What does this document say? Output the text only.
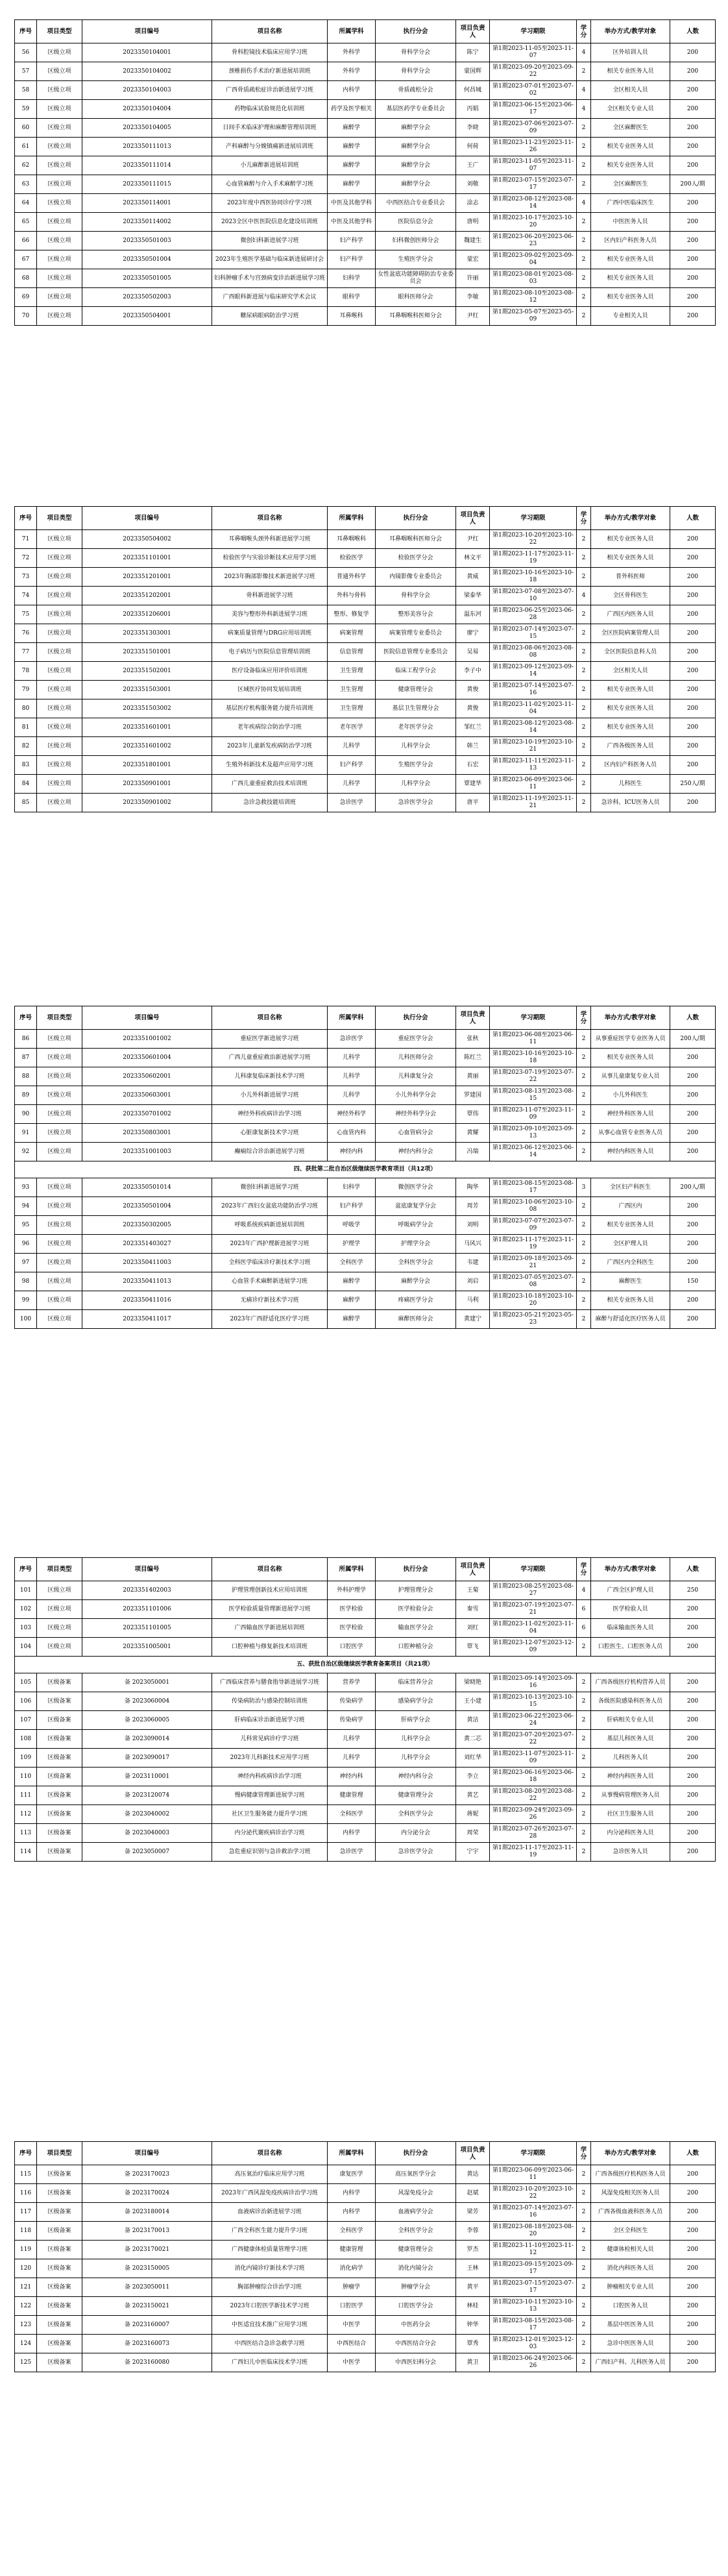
序号	项目类型	项目编号	项目名称	所属学科	执行分会	项目负责人	学习期限	学分	举办方式/教学对象	人数
56	区级立项	2023350104001	骨科腔镜技术临床应用学习班	外科学	骨科学分会	陈宁	第1期2023-11-05至2023-11-07	4	区外培训人员	200
57	区级立项	2023350104002	颈椎损伤手术治疗新进展培训班	外科学	骨科学分会	蒙国辉	第1期2023-09-20至2023-09-22	2	相关专业医务人员	200
58	区级立项	2023350104003	广西骨质疏松症诊治新进展学习班	内科学	骨质疏松分会	何昌城	第1期2023-07-01至2023-07-02	4	全区相关人员	200
59	区级立项	2023350104004	药物临床试验规范化培训班	药学及医学相关	基层医药学专业委员会	丙娟	第1期2023-06-15至2023-06-17	4	全区相关专业人员	200
60	区级立项	2023350104005	日间手术临床护理和麻醉管理培训班	麻醉学	麻醉学分会	李晓	第1期2023-07-06至2023-07-09	2	全区麻醉医生	200
61	区级立项	2023350111013	产科麻醉与分娩镇痛新进展培训班	麻醉学	麻醉学分会	何荷	第1期2023-11-23至2023-11-26	2	相关专业医务人员	200
62	区级立项	2023350111014	小儿麻醉新进展培训班	麻醉学	麻醉学分会	王广	第1期2023-11-05至2023-11-07	2	相关专业医务人员	200
63	区级立项	2023350111015	心血管麻醉与介入手术麻醉学习班	麻醉学	麻醉学分会	刘敬	第1期2023-07-15至2023-07-17	2	全区麻醉医生	200人/期
64	区级立项	2023350114001	2023年度中西医协同诊疗学习班	中医及其他学科	中西医结合专业委员会	涂志	第1期2023-08-12至2023-08-14	4	广西中医临床医生	200
65	区级立项	2023350114002	2023全区中医医院信息化建设培训班	中医及其他学科	医院信息分会	唐明	第1期2023-10-17至2023-10-20	2	中医医务人员	200
66	区级立项	2023350501003	微创妇科新进展学习班	妇产科学	妇科微创医师分会	魏建生	第1期2023-06-20至2023-06-23	2	区内妇产科医务人员	200
67	区级立项	2023350501004	2023年生殖医学基础与临床新进展研讨会	妇产科学	生殖医学分会	蒙宏	第1期2023-09-02至2023-09-04	2	相关专业医务人员	200
68	区级立项	2023350501005	妇科肿瘤手术与宫颈病变诊治新进展学习班	妇科学	女性盆底功能障碍防治专业委员会	许丽	第1期2023-08-01至2023-08-03	2	相关专业医务人员	200
69	区级立项	2023350502003	广西眼科新进展与临床研究学术会议	眼科学	眼科医师分会	李敏	第1期2023-08-10至2023-08-12	2	相关专业医务人员	200
70	区级立项	2023350504001	糖尿病眼病防治学习班	耳鼻喉科	耳鼻咽喉科医师分会	尹红	第1期2023-05-07至2023-05-09	2	专业相关人员	200
序号	项目类型	项目编号	项目名称	所属学科	执行分会	项目负责人	学习期限	学分	举办方式/教学对象	人数
71	区级立项	2023350504002	耳鼻咽喉头颈外科新进展学习班	耳鼻咽喉科	耳鼻咽喉科医师分会	尹红	第1期2023-10-20至2023-10-22	2	相关专业医务人员	200
72	区级立项	2023351101001	检验医学与实验诊断技术应用学习班	检验医学	检验医学分会	林文平	第1期2023-11-17至2023-11-19	2	相关专业医务人员	200
73	区级立项	2023351201001	2023年胸部影像技术新进展学习班	普通外科学	内镜影像专业委员会	黄威	第1期2023-10-16至2023-10-18	2	普外科医师	200
74	区级立项	2023351202001	骨科新进展学习班	外科与骨科	骨科学分会	梁泰华	第1期2023-07-08至2023-07-10	4	全区骨科医生	200
75	区级立项	2023351206001	美容与整形外科新进展学习班	整形、修复学	整形美容分会	温东河	第1期2023-06-25至2023-06-28	2	广西区内医务人员	200
76	区级立项	2023351303001	病案质量管理与DRG应用培训班	病案管理	病案管理专业委员会	廖宁	第1期2023-07-14至2023-07-15	2	全区医院病案管理人员	200
77	区级立项	2023351501001	电子病历与医院信息管理培训班	信息管理	医院信息管理专业委员会	吴易	第1期2023-08-06至2023-08-08	2	全区医院信息科人员	200
78	区级立项	2023351502001	医疗设备临床应用评价培训班	卫生管理	临床工程学分会	李子中	第1期2023-09-12至2023-09-14	2	全区相关人员	200
79	区级立项	2023351503001	区域医疗协同发展培训班	卫生管理	健康管理分会	黄俊	第1期2023-07-14至2023-07-16	2	相关专业医务人员	200
80	区级立项	2023351503002	基层医疗机构服务能力提升培训班	卫生管理	基层卫生管理分会	黄俊	第1期2023-11-02至2023-11-04	2	相关专业医务人员	200
81	区级立项	2023351601001	老年疾病综合防治学习班	老年医学	老年医学分会	邹红兰	第1期2023-08-12至2023-08-14	2	相关专业医务人员	200
82	区级立项	2023351601002	2023年儿童新发疾病防治学习班	儿科学	儿科学分会	韩兰	第1期2023-10-19至2023-10-21	2	广西各级医务人员	200
83	区级立项	2023351801001	生殖外科新技术及超声应用学习班	妇产科学	生殖医学分会	石宏	第1期2023-11-11至2023-11-13	2	区内妇产科医务人员	200
84	区级立项	2023350901001	广西儿童重症救治技术培训班	儿科学	儿科学分会	覃建华	第1期2023-06-09至2023-06-11	2	儿科医生	250人/期
85	区级立项	2023350901002	急诊急救技能培训班	急诊医学	急诊医学分会	唐平	第1期2023-11-19至2023-11-21	2	急诊科、ICU医务人员	200
序号	项目类型	项目编号	项目名称	所属学科	执行分会	项目负责人	学习期限	学分	举办方式/教学对象	人数
86	区级立项	2023351001002	重症医学新进展学习班	急诊医学	重症医学分会	张秋	第1期2023-06-08至2023-06-11	2	从事重症医学专业医务人员	200人/期
87	区级立项	2023350601004	广西儿童重症救治新进展学习班	儿科学	儿科医师分会	陈红兰	第1期2023-10-16至2023-10-18	2	相关专业医务人员	200
88	区级立项	2023350602001	儿科康复临床新技术学习班	儿科学	儿科康复分会	黄丽	第1期2023-07-19至2023-07-22	2	从事儿童康复专业人员	200
89	区级立项	2023350603001	小儿外科新进展学习班	儿科学	小儿外科学分会	罗建国	第1期2023-08-13至2023-08-15	2	小儿外科医生	200
90	区级立项	2023350701002	神经外科疾病诊治学习班	神经外科学	神经外科学分会	覃伟	第1期2023-11-07至2023-11-09	2	神经外科医务人员	200
91	区级立项	2023350803001	心脏康复新技术学习班	心血管内科	心血管病分会	黄耀	第1期2023-09-10至2023-09-13	2	从事心血管专业医务人员	200
92	区级立项	2023351001003	癫痫综合诊治新进展学习班	神经内科	神经内科分会	冯瑞	第1期2023-06-12至2023-06-14	2	神经内科医务人员	200
四、获批第二批自治区级继续医学教育项目（共12项）										
93	区级立项	2023350501014	微创妇科新进展学习班	妇科学	微创医学分会	陶华	第1期2023-08-15至2023-08-17	3	全区妇产科医生	200人/期
94	区级立项	2023350501004	2023年广西妇女盆底功能防治学习班	妇产科学	盆底康复学分会	周芳	第1期2023-10-06至2023-10-08	2	广西区内	200
95	区级立项	2023350302005	呼吸系统疾病新进展培训班	呼吸学	呼吸病学分会	刘明	第1期2023-07-07至2023-07-09	2	相关专业医务人员	200
96	区级立项	2023351403027	2023年广西护理新进展学习班	护理学	护理学分会	马风兴	第1期2023-11-17至2023-11-19	2	全区护理人员	200
97	区级立项	2023350411003	全科医学临床诊疗新技术学习班	全科医学	全科医学分会	韦建	第1期2023-09-18至2023-09-21	2	广西区内全科医生	200
98	区级立项	2023350411013	心血管手术麻醉新进展学习班	麻醉学	麻醉学分会	刘启	第1期2023-07-05至2023-07-08	2	麻醉医生	150
99	区级立项	2023350411016	无痛诊疗新技术学习班	麻醉学	疼痛医学分会	马利	第1期2023-10-18至2023-10-20	2	相关专业医务人员	200
100	区级立项	2023350411017	2023年广西舒适化医疗学习班	麻醉学	麻醉医师分会	黄建宁	第1期2023-05-21至2023-05-23	2	麻醉与舒适化医疗医务人员	200
序号	项目类型	项目编号	项目名称	所属学科	执行分会	项目负责人	学习期限	学分	举办方式/教学对象	人数
101	区级立项	2023351402003	护理管理创新技术应用培训班	外科护理学	护理管理分会	王菊	第1期2023-08-25至2023-08-27	4	广西全区护理人员	250
102	区级立项	2023351101006	医学检验质量管理新进展学习班	医学检验	医学检验分会	秦雪	第1期2023-07-19至2023-07-21	6	医学检验人员	200
103	区级立项	2023351101005	广西输血医学新进展培训班	医学检验	输血医学分会	刘红	第1期2023-11-02至2023-11-04	6	临床输血医务人员	200
104	区级立项	2023351005001	口腔种植与修复新技术培训班	口腔医学	口腔种植分会	覃飞	第1期2023-12-07至2023-12-09	2	口腔医生、口腔医务人员	200
五、获批自治区级继续医学教育备案项目（共21项）										
105	区级备案	备 2023050001	广西临床营养与膳食指导新进展学习班	营养学	临床营养分会	梁晓艳	第1期2023-09-14至2023-09-16	2	广西各级医疗机构营养人员	200
106	区级备案	备 2023060004	传染病防治与感染控制培训班	传染病学	感染病学分会	王小建	第1期2023-10-13至2023-10-15	2	各级医院感染科医务人员	200
107	区级备案	备 2023060005	肝病临床诊治新进展学习班	传染病学	肝病学分会	黄洁	第1期2023-06-22至2023-06-24	2	肝病相关专业人员	200
108	区级备案	备 2023090014	儿科常见病诊疗学习班	儿科学	儿科学分会	黄二芯	第1期2023-07-20至2023-07-22	2	基层儿科医务人员	200
109	区级备案	备 2023090017	2023年儿科新技术应用学习班	儿科学	儿科学分会	刘红华	第1期2023-11-07至2023-11-09	2	儿科医务人员	200
110	区级备案	备 2023110001	神经内科疾病诊治学习班	神经内科	神经内科分会	李立	第1期2023-06-16至2023-06-18	2	神经内科医务人员	200
111	区级备案	备 2023120074	慢病健康管理新进展学习班	健康管理	健康管理分会	黄艺	第1期2023-08-20至2023-08-22	2	从事慢病管理医务人员	200
112	区级备案	备 2023040002	社区卫生服务能力提升学习班	全科医学	全科医学分会	蒋妮	第1期2023-09-24至2023-09-26	2	社区卫生服务人员	200
113	区级备案	备 2023040003	内分泌代谢疾病诊治学习班	内科学	内分泌分会	周荣	第1期2023-07-26至2023-07-28	2	内分泌科医务人员	200
114	区级备案	备 2023050007	急危重症识别与急诊救治学习班	急诊医学	急诊医学分会	宁宇	第1期2023-11-17至2023-11-19	2	急诊医务人员	200
序号	项目类型	项目编号	项目名称	所属学科	执行分会	项目负责人	学习期限	学分	举办方式/教学对象	人数
115	区级备案	备 2023170023	高压氧治疗临床应用学习班	康复医学	高压氧医学分会	黄达	第1期2023-06-09至2023-06-11	2	广西各级医疗机构医务人员	200
116	区级备案	备 2023170024	2023年广西风湿免疫疾病诊治学习班	内科学	风湿免疫分会	赵斌	第1期2023-10-20至2023-10-22	2	风湿免疫相关医务人员	200
117	区级备案	备 2023180014	血液病诊治新进展学习班	内科学	血液病学分会	梁芳	第1期2023-07-14至2023-07-16	2	广西各级血液科医务人员	200
118	区级备案	备 2023170013	广西全科医生能力提升学习班	全科医学	全科医学分会	李蓉	第1期2023-08-18至2023-08-20	2	全区全科医生	200
119	区级备案	备 2023170021	广西健康体检质量管理学习班	健康管理	健康管理分会	罗杰	第1期2023-11-10至2023-11-12	2	健康体检相关人员	200
120	区级备案	备 2023150005	消化内镜诊疗新技术学习班	消化病学	消化内镜分会	王林	第1期2023-09-15至2023-09-17	2	消化内科医务人员	200
121	区级备案	备 2023050011	胸部肿瘤综合诊治学习班	肿瘤学	肿瘤学分会	黄平	第1期2023-07-15至2023-07-17	2	肿瘤相关专业人员	200
122	区级备案	备 2023150021	2023年口腔医学新技术学习班	口腔医学	口腔医学分会	林桂	第1期2023-10-11至2023-10-13	2	口腔医务人员	200
123	区级备案	备 2023160007	中医适宜技术推广应用学习班	中医学	中医药分会	钟华	第1期2023-08-15至2023-08-17	2	基层中医医务人员	200
124	区级备案	备 2023160073	中西医结合急诊急救学习班	中西医结合	中西医结合分会	覃秀	第1期2023-12-01至2023-12-03	2	急诊中医医务人员	200
125	区级备案	备 2023160080	广西妇儿中医临床技术学习班	中医学	中西医妇科分会	黄卫	第1期2023-06-24至2023-06-26	2	广西妇产科、儿科医务人员	200
